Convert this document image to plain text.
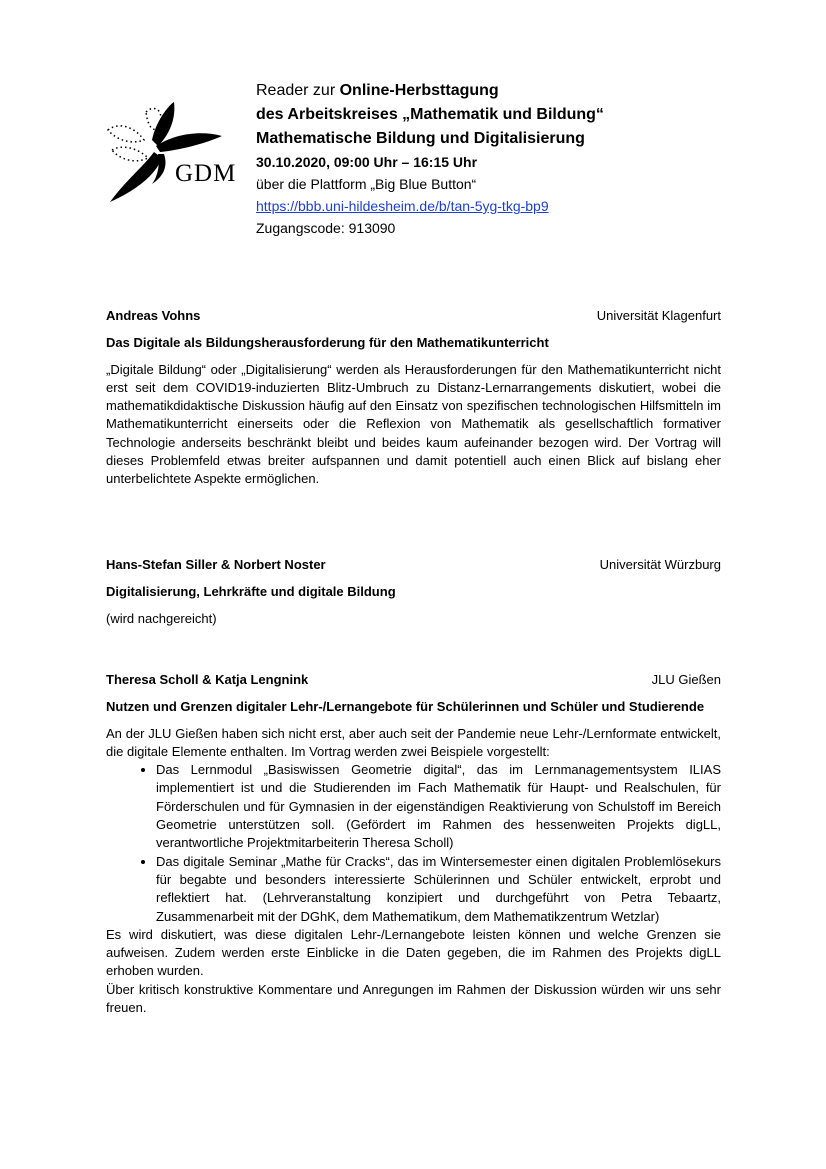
GDM
Reader zur Online-Herbsttagung
des Arbeitskreises „Mathematik und Bildung“
Mathematische Bildung und Digitalisierung
30.10.2020, 09:00 Uhr – 16:15 Uhr
über die Plattform „Big Blue Button“
https://bbb.uni-hildesheim.de/b/tan-5yg-tkg-bp9
Zugangscode: 913090
Andreas Vohns	Universität Klagenfurt
Das Digitale als Bildungsherausforderung für den Mathematikunterricht
„Digitale Bildung“ oder „Digitalisierung“ werden als Herausforderungen für den Mathematikunterricht nicht erst seit dem COVID19-induzierten Blitz-Umbruch zu Distanz-Lernarrangements diskutiert, wobei die mathematikdidaktische Diskussion häufig auf den Einsatz von spezifischen technologischen Hilfsmitteln im Mathematikunterricht einerseits oder die Reflexion von Mathematik als gesellschaftlich formativer Technologie anderseits beschränkt bleibt und beides kaum aufeinander bezogen wird. Der Vortrag will dieses Problemfeld etwas breiter aufspannen und damit potentiell auch einen Blick auf bislang eher unterbelichtete Aspekte ermöglichen.
Hans-Stefan Siller & Norbert Noster	Universität Würzburg
Digitalisierung, Lehrkräfte und digitale Bildung
(wird nachgereicht)
Theresa Scholl & Katja Lengnink	JLU Gießen
Nutzen und Grenzen digitaler Lehr-/Lernangebote für Schülerinnen und Schüler und Studierende
An der JLU Gießen haben sich nicht erst, aber auch seit der Pandemie neue Lehr-/Lernformate entwickelt, die digitale Elemente enthalten. Im Vortrag werden zwei Beispiele vorgestellt:
• Das Lernmodul „Basiswissen Geometrie digital“, das im Lernmanagementsystem ILIAS implementiert ist und die Studierenden im Fach Mathematik für Haupt- und Realschulen, für Förderschulen und für Gymnasien in der eigenständigen Reaktivierung von Schulstoff im Bereich Geometrie unterstützen soll. (Gefördert im Rahmen des hessenweiten Projekts digLL, verantwortliche Projektmitarbeiterin Theresa Scholl)
• Das digitale Seminar „Mathe für Cracks“, das im Wintersemester einen digitalen Problemlösekurs für begabte und besonders interessierte Schülerinnen und Schüler entwickelt, erprobt und reflektiert hat. (Lehrveranstaltung konzipiert und durchgeführt von Petra Tebaartz, Zusammenarbeit mit der DGhK, dem Mathematikum, dem Mathematikzentrum Wetzlar)
Es wird diskutiert, was diese digitalen Lehr-/Lernangebote leisten können und welche Grenzen sie aufweisen. Zudem werden erste Einblicke in die Daten gegeben, die im Rahmen des Projekts digLL erhoben wurden.
Über kritisch konstruktive Kommentare und Anregungen im Rahmen der Diskussion würden wir uns sehr freuen.
